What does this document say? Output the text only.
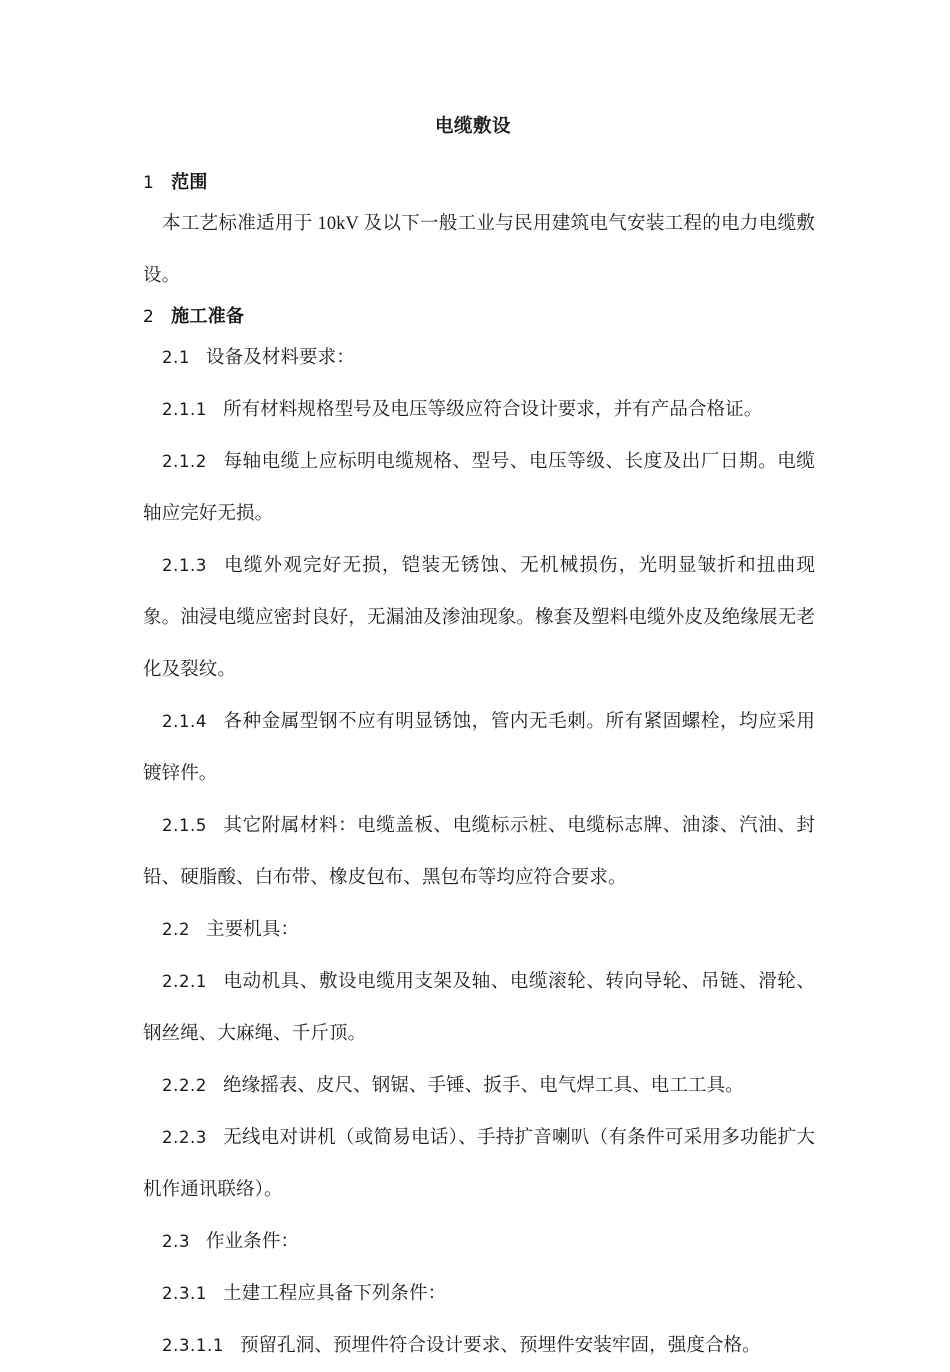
电缆敷设
1 范围

本工艺标准适用于 10kV 及以下一般工业与民用建筑电气安装工程的电力电缆敷设。

2 施工准备

2.1 设备及材料要求：

2.1.1 所有材料规格型号及电压等级应符合设计要求，并有产品合格证。

2.1.2 每轴电缆上应标明电缆规格、型号、电压等级、长度及出厂日期。电缆轴应完好无损。

2.1.3 电缆外观完好无损，铠装无锈蚀、无机械损伤，光明显皱折和扭曲现象。油浸电缆应密封良好，无漏油及渗油现象。橡套及塑料电缆外皮及绝缘展无老化及裂纹。

2.1.4 各种金属型钢不应有明显锈蚀，管内无毛刺。所有紧固螺栓，均应采用镀锌件。

2.1.5 其它附属材料：电缆盖板、电缆标示桩、电缆标志牌、油漆、汽油、封铅、硬脂酸、白布带、橡皮包布、黑包布等均应符合要求。

2.2 主要机具：

2.2.1 电动机具、敷设电缆用支架及轴、电缆滚轮、转向导轮、吊链、滑轮、钢丝绳、大麻绳、千斤顶。

2.2.2 绝缘摇表、皮尺、钢锯、手锤、扳手、电气焊工具、电工工具。

2.2.3 无线电对讲机（或简易电话）、手持扩音喇叭（有条件可采用多功能扩大机作通讯联络）。

2.3 作业条件：

2.3.1 土建工程应具备下列条件：

2.3.1.1 预留孔洞、预埋件符合设计要求、预埋件安装牢固，强度合格。
